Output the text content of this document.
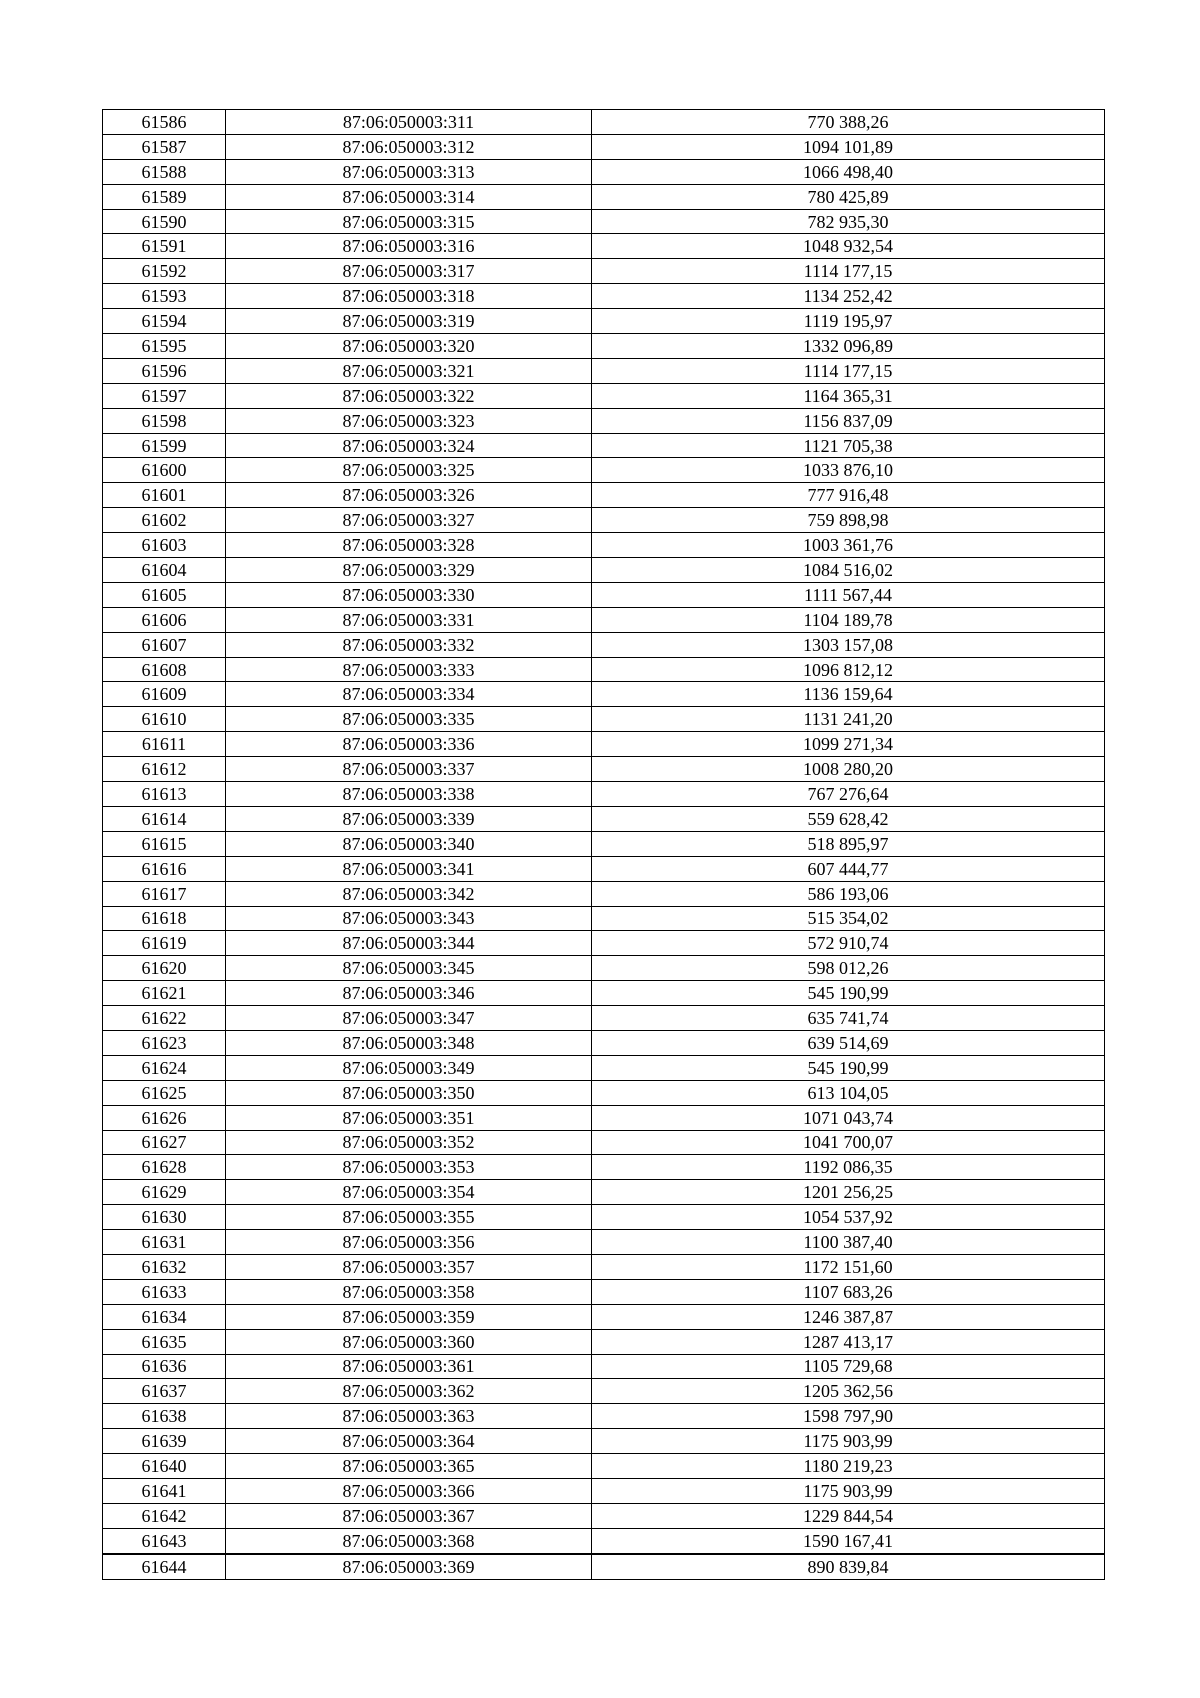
61586	87:06:050003:311	770 388,26
61587	87:06:050003:312	1094 101,89
61588	87:06:050003:313	1066 498,40
61589	87:06:050003:314	780 425,89
61590	87:06:050003:315	782 935,30
61591	87:06:050003:316	1048 932,54
61592	87:06:050003:317	1114 177,15
61593	87:06:050003:318	1134 252,42
61594	87:06:050003:319	1119 195,97
61595	87:06:050003:320	1332 096,89
61596	87:06:050003:321	1114 177,15
61597	87:06:050003:322	1164 365,31
61598	87:06:050003:323	1156 837,09
61599	87:06:050003:324	1121 705,38
61600	87:06:050003:325	1033 876,10
61601	87:06:050003:326	777 916,48
61602	87:06:050003:327	759 898,98
61603	87:06:050003:328	1003 361,76
61604	87:06:050003:329	1084 516,02
61605	87:06:050003:330	1111 567,44
61606	87:06:050003:331	1104 189,78
61607	87:06:050003:332	1303 157,08
61608	87:06:050003:333	1096 812,12
61609	87:06:050003:334	1136 159,64
61610	87:06:050003:335	1131 241,20
61611	87:06:050003:336	1099 271,34
61612	87:06:050003:337	1008 280,20
61613	87:06:050003:338	767 276,64
61614	87:06:050003:339	559 628,42
61615	87:06:050003:340	518 895,97
61616	87:06:050003:341	607 444,77
61617	87:06:050003:342	586 193,06
61618	87:06:050003:343	515 354,02
61619	87:06:050003:344	572 910,74
61620	87:06:050003:345	598 012,26
61621	87:06:050003:346	545 190,99
61622	87:06:050003:347	635 741,74
61623	87:06:050003:348	639 514,69
61624	87:06:050003:349	545 190,99
61625	87:06:050003:350	613 104,05
61626	87:06:050003:351	1071 043,74
61627	87:06:050003:352	1041 700,07
61628	87:06:050003:353	1192 086,35
61629	87:06:050003:354	1201 256,25
61630	87:06:050003:355	1054 537,92
61631	87:06:050003:356	1100 387,40
61632	87:06:050003:357	1172 151,60
61633	87:06:050003:358	1107 683,26
61634	87:06:050003:359	1246 387,87
61635	87:06:050003:360	1287 413,17
61636	87:06:050003:361	1105 729,68
61637	87:06:050003:362	1205 362,56
61638	87:06:050003:363	1598 797,90
61639	87:06:050003:364	1175 903,99
61640	87:06:050003:365	1180 219,23
61641	87:06:050003:366	1175 903,99
61642	87:06:050003:367	1229 844,54
61643	87:06:050003:368	1590 167,41
61644	87:06:050003:369	890 839,84
